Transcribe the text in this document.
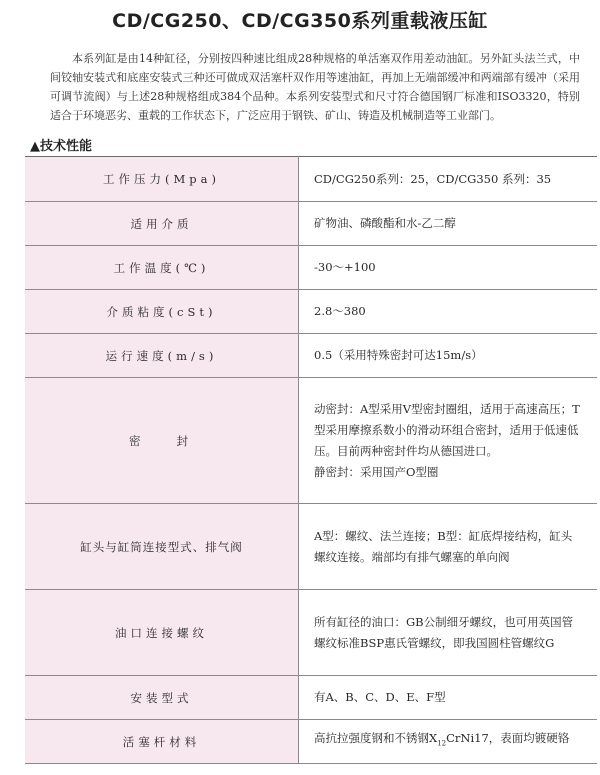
CD/CG250、CD/CG350系列重载液压缸
本系列缸是由14种缸径，分别按四种速比组成28种规格的单活塞双作用差动油缸。另外缸头法兰式，中间铰轴安装式和底座安装式三种还可做成双活塞杆双作用等速油缸，再加上无端部缓冲和两端部有缓冲（采用可调节流阀）与上述28种规格组成384个品种。本系列安装型式和尺寸符合德国钢厂标准和ISO3320，特别适合于环境恶劣、重载的工作状态下，广泛应用于钢铁、矿山、铸造及机械制造等工业部门。
▲技术性能
工作压力(Mpa)	CD/CG250系列：25，CD/CG350 系列：35
适用介质	矿物油、磷酸酯和水-乙二醇
工作温度(℃)	-30～+100
介质粘度(cSt)	2.8～380
运行速度(m/s)	0.5（采用特殊密封可达15m/s）
密封	动密封：A型采用V型密封圈组，适用于高速高压；T型采用摩擦系数小的滑动环组合密封，适用于低速低压。目前两种密封件均从德国进口。

静密封：采用国产O型圈

缸头与缸筒连接型式、排气阀	A型：螺纹、法兰连接；B型：缸底焊接结构，缸头螺纹连接。端部均有排气螺塞的单向阀
油口连接螺纹	所有缸径的油口：GB公制细牙螺纹，也可用英国管螺纹标准BSP惠氏管螺纹，即我国圆柱管螺纹G
安装型式	有A、B、C、D、E、F型
活塞杆材料	高抗拉强度钢和不锈钢$X_{12}CrNi17$，表面均镀硬铬
